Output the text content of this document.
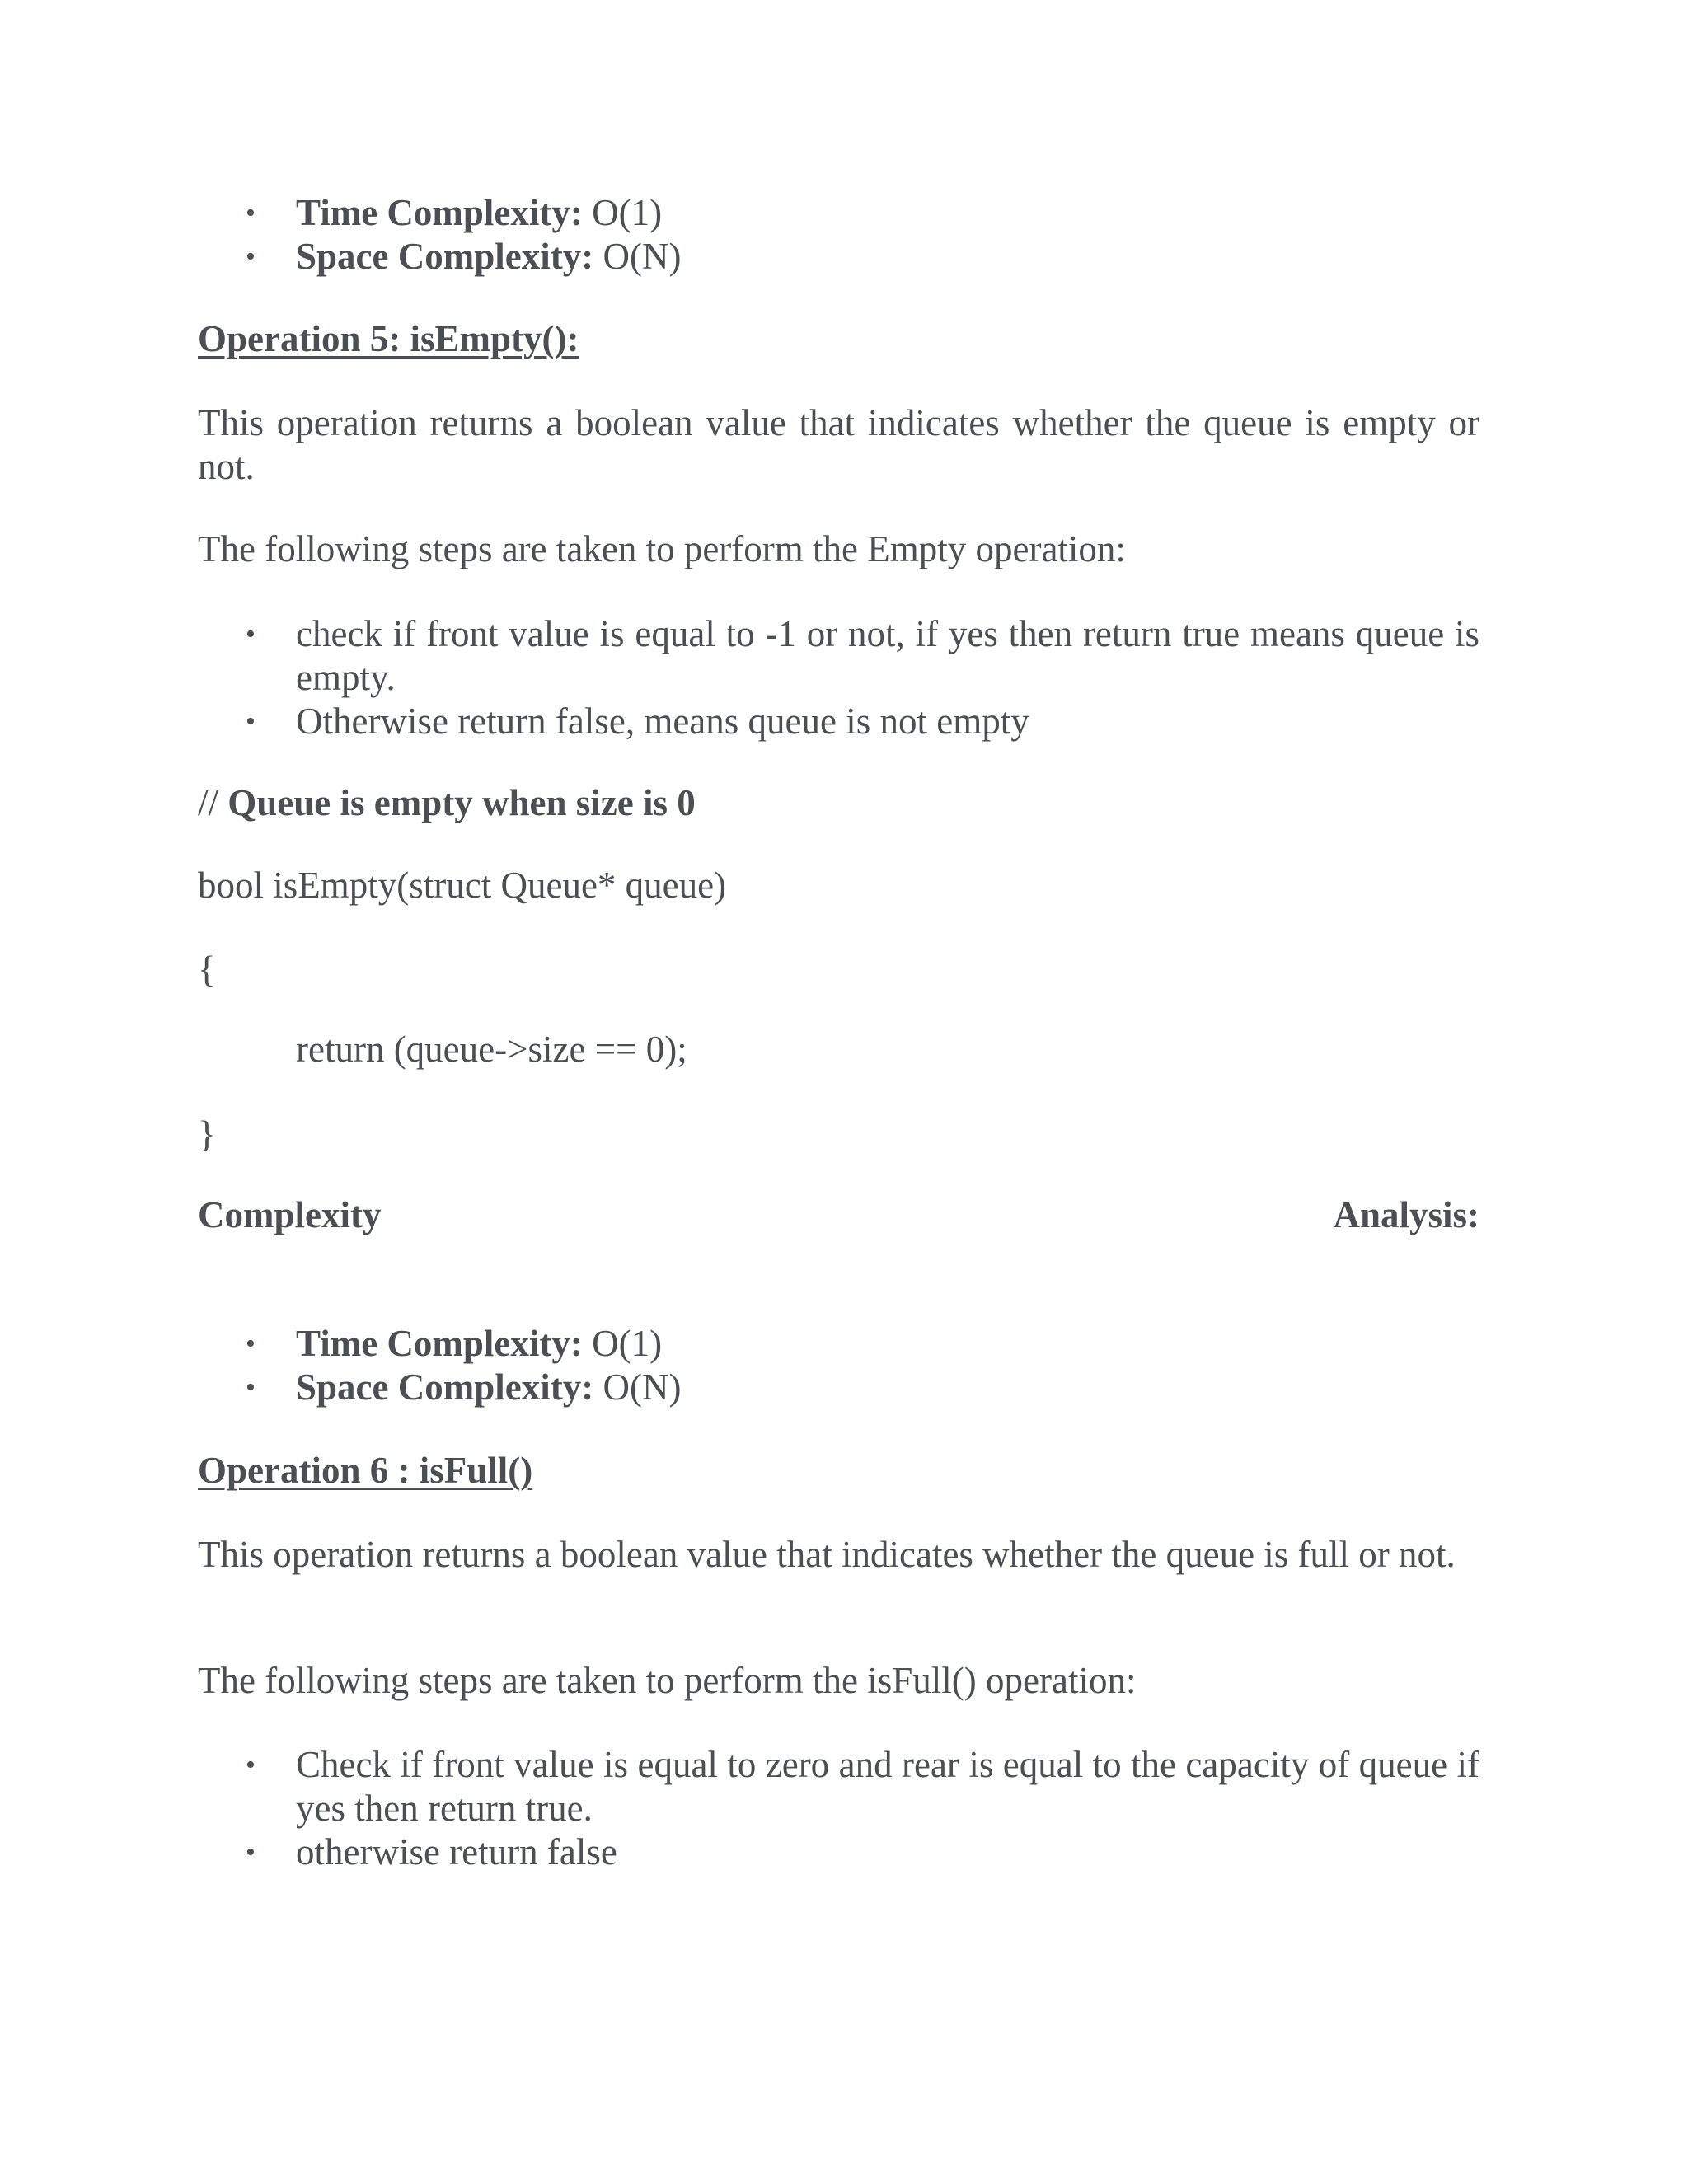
• Time Complexity: O(1)
• Space Complexity: O(N)

Operation 5: isEmpty():

This operation returns a boolean value that indicates whether the queue is empty or not.

The following steps are taken to perform the Empty operation:

• check if front value is equal to -1 or not, if yes then return true means queue is empty.
• Otherwise return false, means queue is not empty

// Queue is empty when size is 0

bool isEmpty(struct Queue* queue)

{

return (queue->size == 0);

}

Complexity	Analysis:
• Time Complexity: O(1)
• Space Complexity: O(N)

Operation 6 : isFull()

This operation returns a boolean value that indicates whether the queue is full or not.

The following steps are taken to perform the isFull() operation:

• Check if front value is equal to zero and rear is equal to the capacity of queue if yes then return true.
• otherwise return false
